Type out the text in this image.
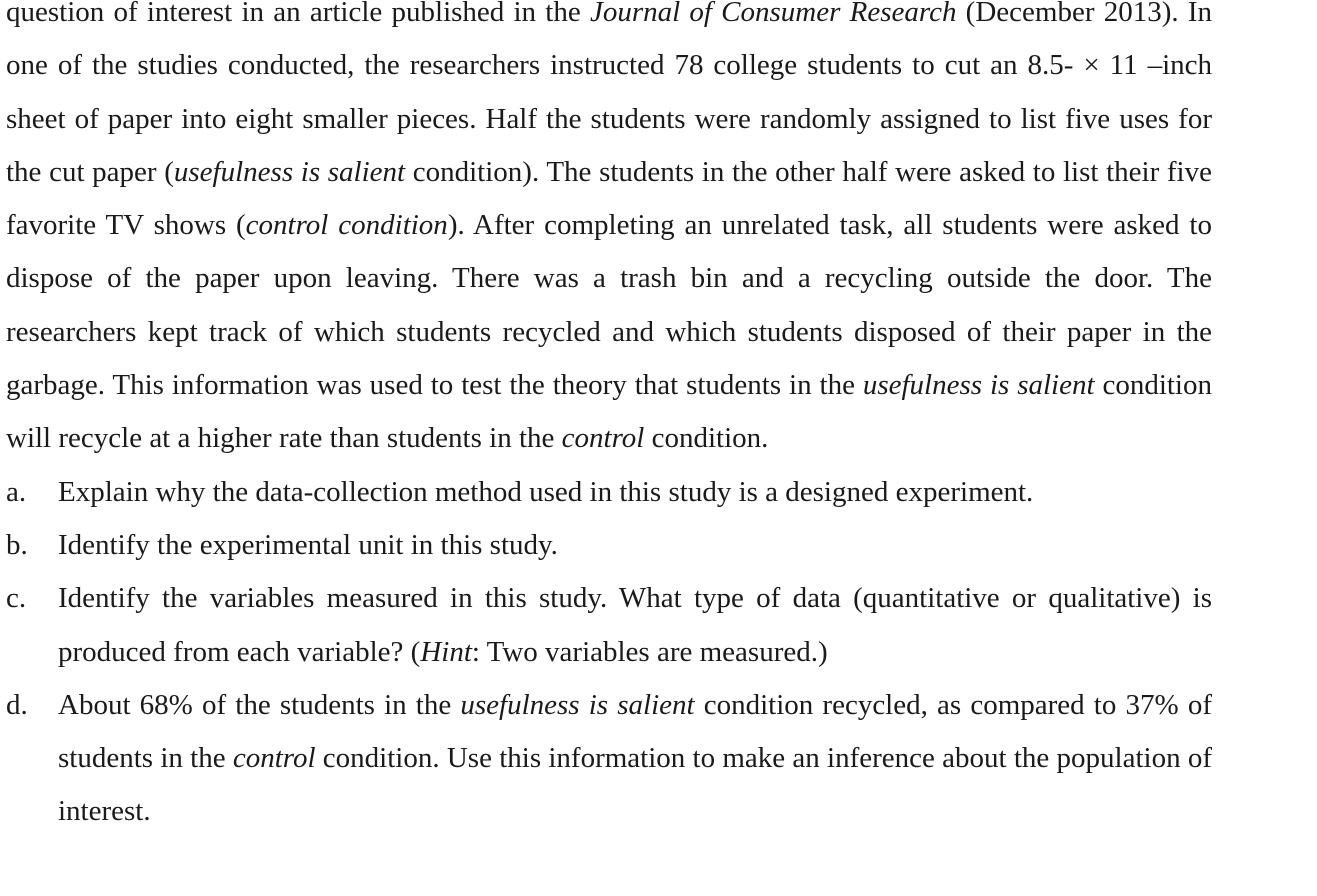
question of interest in an article published in the Journal of Consumer Research (December 2013). In one of the studies conducted, the researchers instructed 78 college students to cut an 8.5- × 11 –inch sheet of paper into eight smaller pieces. Half the students were randomly assigned to list five uses for the cut paper (usefulness is salient condition). The students in the other half were asked to list their five favorite TV shows (control condition). After completing an unrelated task, all students were asked to dispose of the paper upon leaving. There was a trash bin and a recycling outside the door. The researchers kept track of which students recycled and which students disposed of their paper in the garbage. This information was used to test the theory that students in the usefulness is salient condition will recycle at a higher rate than students in the control condition.

a.	Explain why the data-collection method used in this study is a designed experiment.
b.	Identify the experimental unit in this study.
c.	Identify the variables measured in this study. What type of data (quantitative or qualitative) is produced from each variable? (Hint: Two variables are measured.)
d.	About 68% of the students in the usefulness is salient condition recycled, as compared to 37% of students in the control condition. Use this information to make an inference about the population of interest.
